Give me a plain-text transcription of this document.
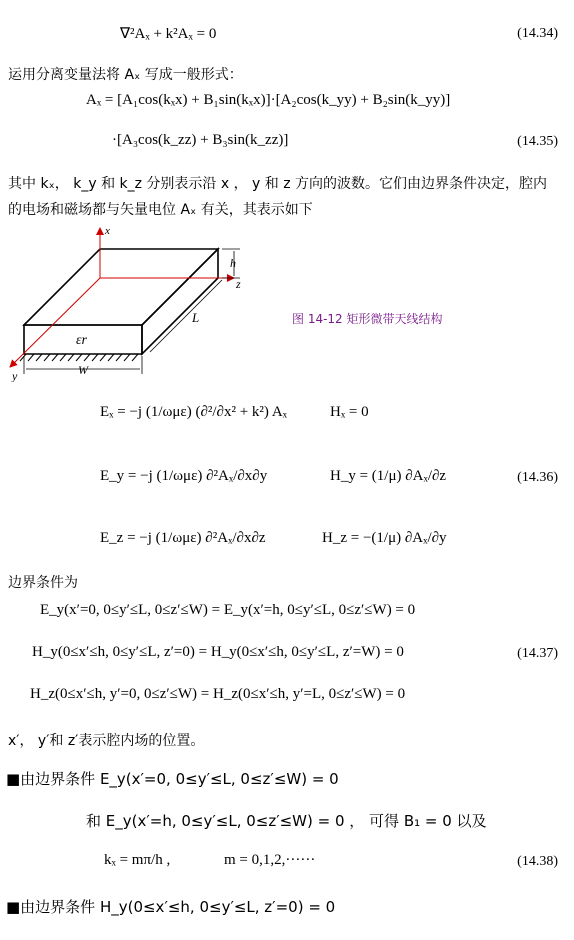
∇²Aₓ + k²Aₓ = 0	(14.34)
运用分离变量法将 Aₓ 写成一般形式：
Aₓ = [A₁cos(kₓx) + B₁sin(kₓx)]·[A₂cos(k_yy) + B₂sin(k_yy)]
·[A₃cos(k_zz) + B₃sin(k_zz)]	(14.35)
其中 kₓ， k_y 和 k_z 分别表示沿 x ， y 和 z 方向的波数。它们由边界条件决定，腔内
的电场和磁场都与矢量电位 Aₓ 有关，其表示如下
x
z
y
h
L
W
εr
图 14-12 矩形微带天线结构
Eₓ = −j (1/ωμε) (∂²/∂x² + k²) Aₓ	Hₓ = 0
E_y = −j (1/ωμε) ∂²Aₓ/∂x∂y	H_y = (1/μ) ∂Aₓ/∂z	(14.36)
E_z = −j (1/ωμε) ∂²Aₓ/∂x∂z	H_z = −(1/μ) ∂Aₓ/∂y
边界条件为
E_y(x′=0, 0≤y′≤L, 0≤z′≤W) = E_y(x′=h, 0≤y′≤L, 0≤z′≤W) = 0
H_y(0≤x′≤h, 0≤y′≤L, z′=0) = H_y(0≤x′≤h, 0≤y′≤L, z′=W) = 0	(14.37)
H_z(0≤x′≤h, y′=0, 0≤z′≤W) = H_z(0≤x′≤h, y′=L, 0≤z′≤W) = 0
x′， y′和 z′表示腔内场的位置。
■由边界条件 E_y(x′=0, 0≤y′≤L, 0≤z′≤W) = 0
和 E_y(x′=h, 0≤y′≤L, 0≤z′≤W) = 0 ， 可得 B₁ = 0 以及
kₓ = mπ/h ,	m = 0,1,2,······	(14.38)
■由边界条件 H_y(0≤x′≤h, 0≤y′≤L, z′=0) = 0
